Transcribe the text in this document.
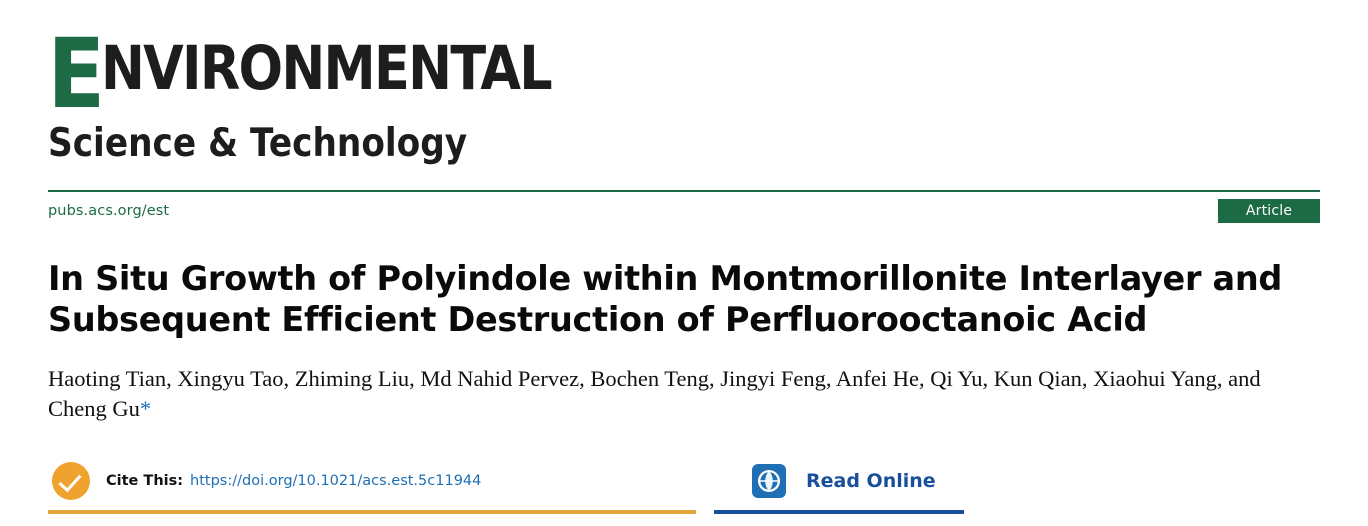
ENVIRONMENTAL
Science & Technology
pubs.acs.org/est	Article
In Situ Growth of Polyindole within Montmorillonite Interlayer and Subsequent Efficient Destruction of Perfluorooctanoic Acid
Haoting Tian, Xingyu Tao, Zhiming Liu, Md Nahid Pervez, Bochen Teng, Jingyi Feng, Anfei He, Qi Yu, Kun Qian, Xiaohui Yang, and Cheng Gu*
Cite This: https://doi.org/10.1021/acs.est.5c11944	Read Online
